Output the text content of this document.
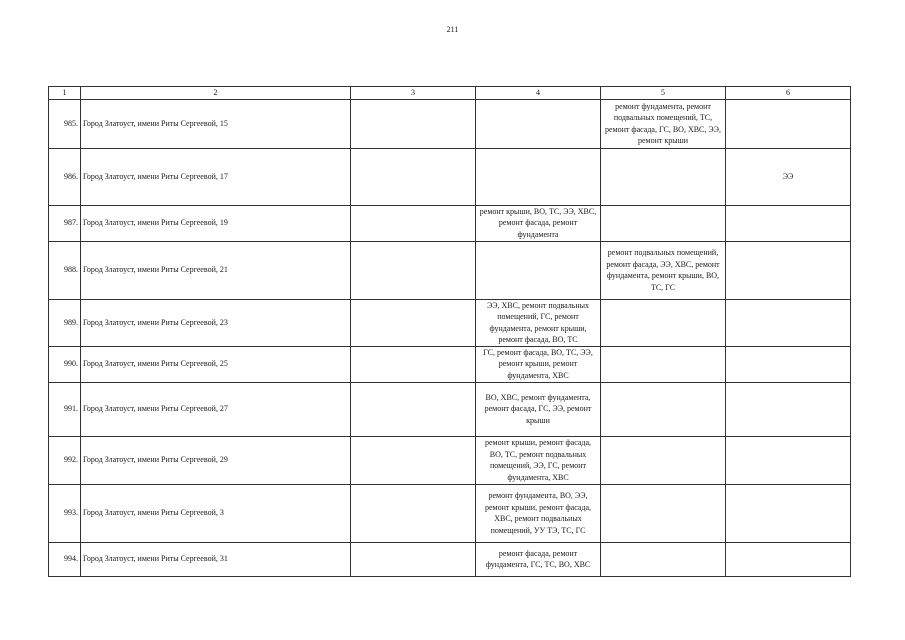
211
1	2	3	4	5	6
985.	Город Златоуст, имени Риты Сергеевой, 15			ремонт фундамента, ремонт подвальных помещений, ТС, ремонт фасада, ГС, ВО, ХВС, ЭЭ, ремонт крыши	
986.	Город Златоуст, имени Риты Сергеевой, 17				ЭЭ
987.	Город Златоуст, имени Риты Сергеевой, 19		ремонт крыши, ВО, ТС, ЭЭ, ХВС, ремонт фасада, ремонт фундамента		
988.	Город Златоуст, имени Риты Сергеевой, 21			ремонт подвальных помещений, ремонт фасада, ЭЭ, ХВС, ремонт фундамента, ремонт крыши, ВО, ТС, ГС	
989.	Город Златоуст, имени Риты Сергеевой, 23		ЭЭ, ХВС, ремонт подвальных помещений, ГС, ремонт фундамента, ремонт крыши, ремонт фасада, ВО, ТС		
990.	Город Златоуст, имени Риты Сергеевой, 25		ГС, ремонт фасада, ВО, ТС, ЭЭ, ремонт крыши, ремонт фундамента, ХВС		
991.	Город Златоуст, имени Риты Сергеевой, 27		ВО, ХВС, ремонт фундамента, ремонт фасада, ГС, ЭЭ, ремонт крыши		
992.	Город Златоуст, имени Риты Сергеевой, 29		ремонт крыши, ремонт фасада, ВО, ТС, ремонт подвальных помещений, ЭЭ, ГС, ремонт фундамента, ХВС		
993.	Город Златоуст, имени Риты Сергеевой, 3		ремонт фундамента, ВО, ЭЭ, ремонт крыши, ремонт фасада, ХВС, ремонт подвальных помещений, УУ ТЭ, ТС, ГС		
994.	Город Златоуст, имени Риты Сергеевой, 31		ремонт фасада, ремонт фундамента, ГС, ТС, ВО, ХВС		
